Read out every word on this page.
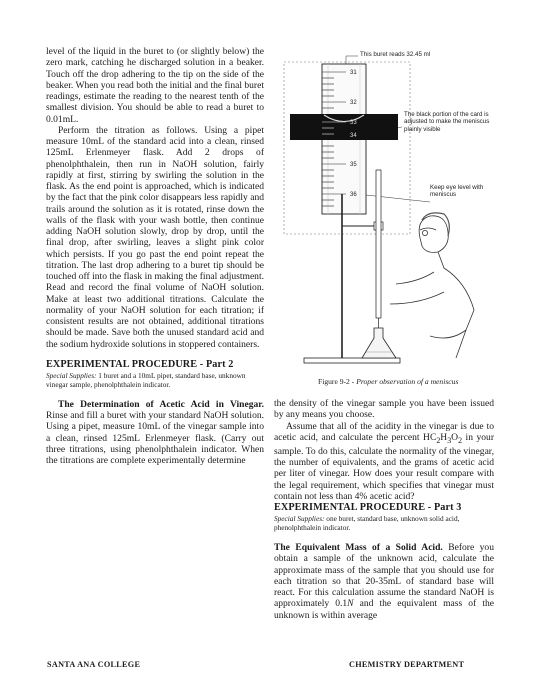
level of the liquid in the buret to (or slightly below) the zero mark, catching he discharged solution in a beaker. Touch off the drop adhering to the tip on the side of the beaker. When you read both the initial and the final buret readings, estimate the reading to the nearest tenth of the smallest division. You should be able to read a buret to 0.01mL.

Perform the titration as follows. Using a pipet measure 10mL of the standard acid into a clean, rinsed 125mL Erlenmeyer flask. Add 2 drops of phenolphthalein, then run in NaOH solution, fairly rapidly at first, stirring by swirling the solution in the flask. As the end point is approached, which is indicated by the fact that the pink color disappears less rapidly and trails around the solution as it is rotated, rinse down the walls of the flask with your wash bottle, then continue adding NaOH solution slowly, drop by drop, until the final drop, after swirling, leaves a slight pink color which persists. If you go past the end point repeat the titration. The last drop adhering to a buret tip should be touched off into the flask in making the final adjustment. Read and record the final volume of NaOH solution. Make at least two additional titrations. Calculate the normality of your NaOH solution for each titration; if consistent results are not obtained, additional titrations should be made. Save both the unused standard acid and the sodium hydroxide solutions in stoppered containers.

EXPERIMENTAL PROCEDURE - Part 2

Special Supplies: 1 buret and a 10mL pipet, standard base, unknown vinegar sample, phenolphthalein indicator.

The Determination of Acetic Acid in Vinegar. Rinse and fill a buret with your standard NaOH solution. Using a pipet, measure 10mL of the vinegar sample into a clean, rinsed 125mL Erlenmeyer flask. (Carry out three titrations, using phenolphthalein indicator. When the titrations are complete experimentally determine

31
32
33
34
35
36
This buret reads 32.45 ml
The black portion of the card is adjusted to make the meniscus plainly visible
Keep eye level with meniscus
Figure 9-2 - Proper observation of a meniscus

the density of the vinegar sample you have been issued by any means you choose.

Assume that all of the acidity in the vinegar is due to acetic acid, and calculate the percent $HC_2H_3O_2$ in your sample. To do this, calculate the normality of the vinegar, the number of equivalents, and the grams of acetic acid per liter of vinegar. How does your result compare with the legal requirement, which specifies that vinegar must contain not less than 4% acetic acid?

EXPERIMENTAL PROCEDURE - Part 3

Special Supplies: one buret, standard base, unknown solid acid, phenolphthalein indicator.

The Equivalent Mass of a Solid Acid. Before you obtain a sample of the unknown acid, calculate the approximate mass of the sample that you should use for each titration so that 20-35mL of standard base will react. For this calculation assume the standard NaOH is approximately 0.1N and the equivalent mass of the unknown is within average

SANTA ANA COLLEGE	CHEMISTRY DEPARTMENT
